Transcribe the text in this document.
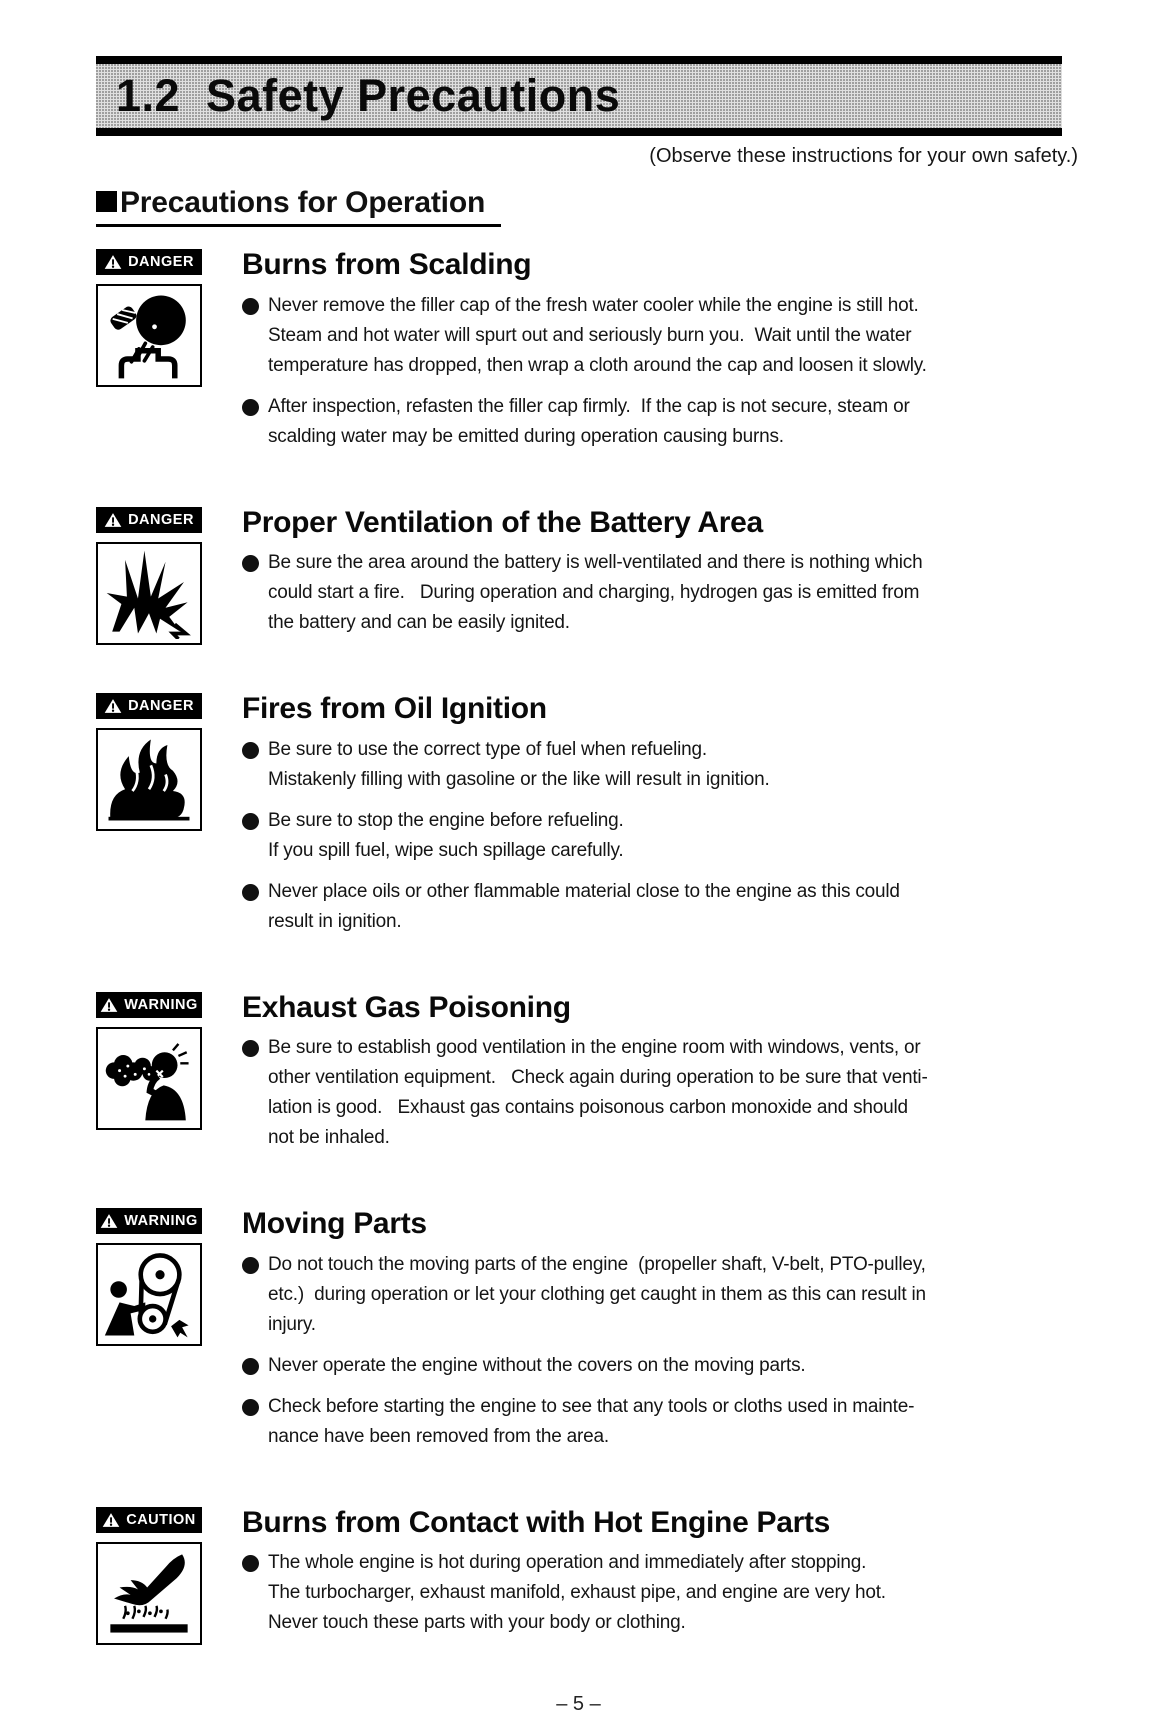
1.2  Safety Precautions
(Observe these instructions for your own safety.)
Precautions for Operation
DANGER Burns from Scalding
Never remove the filler cap of the fresh water cooler while the engine is still hot.
Steam and hot water will spurt out and seriously burn you.  Wait until the water
temperature has dropped, then wrap a cloth around the cap and loosen it slowly.
After inspection, refasten the filler cap firmly.  If the cap is not secure, steam or
scalding water may be emitted during operation causing burns.
DANGER Proper Ventilation of the Battery Area
Be sure the area around the battery is well-ventilated and there is nothing which
could start a fire.   During operation and charging, hydrogen gas is emitted from
the battery and can be easily ignited.
DANGER Fires from Oil Ignition
Be sure to use the correct type of fuel when refueling.
Mistakenly filling with gasoline or the like will result in ignition.
Be sure to stop the engine before refueling.
If you spill fuel, wipe such spillage carefully.
Never place oils or other flammable material close to the engine as this could
result in ignition.
WARNING Exhaust Gas Poisoning
Be sure to establish good ventilation in the engine room with windows, vents, or
other ventilation equipment.   Check again during operation to be sure that venti-
lation is good.   Exhaust gas contains poisonous carbon monoxide and should
not be inhaled.
WARNING Moving Parts
Do not touch the moving parts of the engine  (propeller shaft, V-belt, PTO-pulley,
etc.)  during operation or let your clothing get caught in them as this can result in
injury.
Never operate the engine without the covers on the moving parts.
Check before starting the engine to see that any tools or cloths used in mainte-
nance have been removed from the area.
CAUTION Burns from Contact with Hot Engine Parts
The whole engine is hot during operation and immediately after stopping.
The turbocharger, exhaust manifold, exhaust pipe, and engine are very hot.
Never touch these parts with your body or clothing.
– 5 –
